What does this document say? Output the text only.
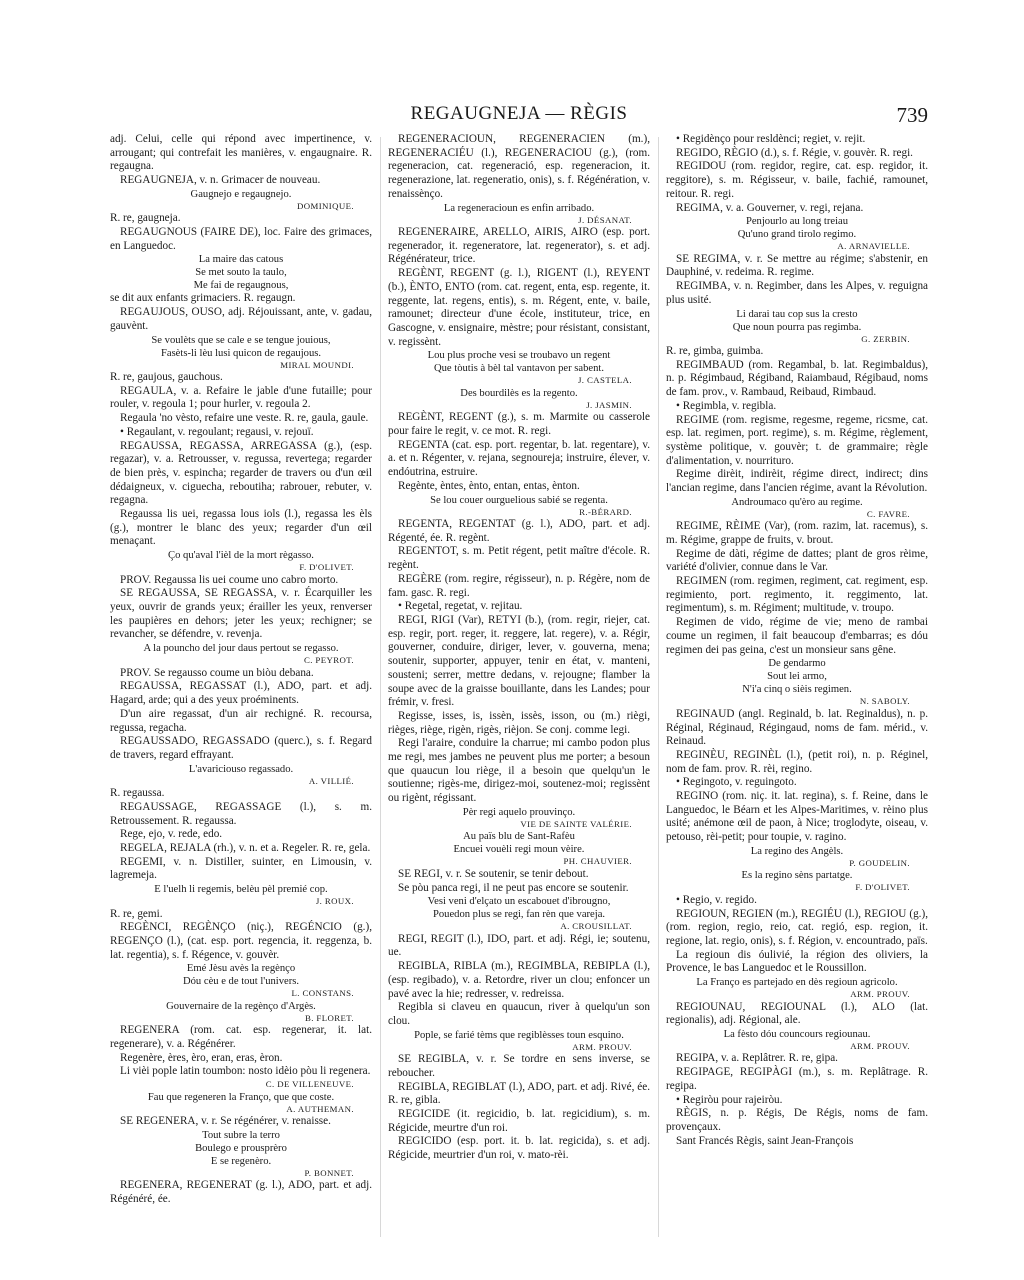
REGAUGNEJA — RÈGIS	739

adj. Celui, celle qui répond avec impertinence, v. arrougant; qui contrefait les manières, v. engaugnaire. R. regaugna.

REGAUGNEJA, v. n. Grimacer de nouveau.

Gaugnejo e regaugnejo.

DOMINIQUE.

R. re, gaugneja.

REGAUGNOUS (FAIRE DE), loc. Faire des grimaces, en Languedoc.

La maire das catous

Se met souto la taulo,

Me fai de regaugnous,

se dit aux enfants grimaciers. R. regaugn.

REGAUJOUS, OUSO, adj. Réjouissant, ante, v. gadau, gauvènt.

Se voulèts que se cale e se tengue jouious,

Fasèts-li lèu lusi quicon de regaujous.

MIRAL MOUNDI.

R. re, gaujous, gauchous.

REGAULA, v. a. Refaire le jable d'une futaille; pour rouler, v. regoula 1; pour hurler, v. regoula 2.

Regaula 'no vèsto, refaire une veste. R. re, gaula, gaule.

• Regaulant, v. regoulant; regausi, v. rejouï.

REGAUSSA, REGASSA, ARREGASSA (g.), (esp. regazar), v. a. Retrousser, v. regussa, revertega; regarder de bien près, v. espincha; regarder de travers ou d'un œil dédaigneux, v. ciguecha, reboutiha; rabrouer, rebuter, v. regagna.

Regaussa lis uei, regassa lous iols (l.), regassa les èls (g.), montrer le blanc des yeux; regarder d'un œil menaçant.

Ço qu'aval l'ièl de la mort règasso.

F. D'OLIVET.

PROV. Regaussa lis uei coume uno cabro morto.

SE REGAUSSA, SE REGASSA, v. r. Écarquiller les yeux, ouvrir de grands yeux; érailler les yeux, renverser les paupières en dehors; jeter les yeux; rechigner; se revancher, se défendre, v. revenja.

A la pouncho del jour daus pertout se regasso.

C. PEYROT.

PROV. Se regausso coume un biòu debana.

REGAUSSA, REGASSAT (l.), ADO, part. et adj. Hagard, arde; qui a des yeux proéminents.

D'un aire regassat, d'un air rechigné. R. recoursa, regussa, regacha.

REGAUSSADO, REGASSADO (querc.), s. f. Regard de travers, regard effrayant.

L'avariciouso regassado.

A. VILLIÉ.

R. regaussa.

REGAUSSAGE, REGASSAGE (l.), s. m. Retroussement. R. regaussa.

Rege, ejo, v. rede, edo.

REGELA, REJALA (rh.), v. n. et a. Regeler. R. re, gela.

REGEMI, v. n. Distiller, suinter, en Limousin, v. lagremeja.

E l'uelh li regemis, belèu pèl premié cop.

J. ROUX.

R. re, gemi.

REGÈNCI, REGÈNÇO (niç.), REGÉNCIO (g.), REGENÇO (l.), (cat. esp. port. regencia, it. reggenza, b. lat. regentia), s. f. Régence, v. gouvèr.

Emé Jèsu avès la regènço

Dóu cèu e de tout l'univers.

L. CONSTANS.

Gouvernaire de la regènço d'Argès.

B. FLORET.

REGENERA (rom. cat. esp. regenerar, it. lat. regenerare), v. a. Régénérer.

Regenère, ères, èro, eran, eras, èron.

Li vièi pople latin toumbon: nosto idèio pòu li regenera.

C. DE VILLENEUVE.

Fau que regeneren la Franço, que que coste.

A. AUTHEMAN.

SE REGENERA, v. r. Se régénérer, v. renaisse.

Tout subre la terro

Boulego e prousprèro

E se regenèro.

P. BONNET.

REGENERA, REGENERAT (g. l.), ADO, part. et adj. Régénéré, ée.

REGENERACIOUN, REGENERACIEN (m.), REGENERACIÉU (l.), REGENERACIOU (g.), (rom. regeneracion, cat. regeneració, esp. regeneracion, it. regenerazione, lat. regeneratio, onis), s. f. Régénération, v. renaissènço.

La regeneracioun es enfin arribado.

J. DÉSANAT.

REGENERAIRE, ARELLO, AIRIS, AIRO (esp. port. regenerador, it. regeneratore, lat. regenerator), s. et adj. Régénérateur, trice.

REGÈNT, REGENT (g. l.), RIGENT (l.), REYENT (b.), ÈNTO, ENTO (rom. cat. regent, enta, esp. regente, it. reggente, lat. regens, entis), s. m. Régent, ente, v. baile, ramounet; directeur d'une école, instituteur, trice, en Gascogne, v. ensignaire, mèstre; pour résistant, consistant, v. regissènt.

Lou plus proche vesi se troubavo un regent

Que tòutis à bèl tal vantavon per sabent.

J. CASTELA.

Des bourdilès es la regento.

J. JASMIN.

REGÈNT, REGENT (g.), s. m. Marmite ou casserole pour faire le regit, v. ce mot. R. regi.

REGENTA (cat. esp. port. regentar, b. lat. regentare), v. a. et n. Régenter, v. rejana, segnoureja; instruire, élever, v. endóutrina, estruire.

Regènte, èntes, ènto, entan, entas, ènton.

Se lou couer ourguelious sabié se regenta.

R.-BÉRARD.

REGENTA, REGENTAT (g. l.), ADO, part. et adj. Régenté, ée. R. regènt.

REGENTOT, s. m. Petit régent, petit maître d'école. R. regènt.

REGÈRE (rom. regire, régisseur), n. p. Régère, nom de fam. gasc. R. regi.

• Regetal, regetat, v. rejitau.

REGI, RIGI (Var), RETYI (b.), (rom. regir, riejer, cat. esp. regir, port. reger, it. reggere, lat. regere), v. a. Régir, gouverner, conduire, diriger, lever, v. gouverna, mena; soutenir, supporter, appuyer, tenir en état, v. manteni, sousteni; serrer, mettre dedans, v. rejougne; flamber la soupe avec de la graisse bouillante, dans les Landes; pour frémir, v. fresi.

Regisse, isses, is, issèn, issès, isson, ou (m.) riègi, rièges, riège, rigèn, rigès, rièjon. Se conj. comme legi.

Regi l'araire, conduire la charrue; mi cambo podon plus me regi, mes jambes ne peuvent plus me porter; a besoun que quaucun lou riège, il a besoin que quelqu'un le soutienne; rigès-me, dirigez-moi, soutenez-moi; regissènt ou rigènt, régissant.

Pèr regi aquelo prouvinço.

VIE DE SAINTE VALÉRIE.

Au païs blu de Sant-Rafèu

Encuei vouèli regi moun vèire.

PH. CHAUVIER.

SE REGI, v. r. Se soutenir, se tenir debout.

Se pòu panca regi, il ne peut pas encore se soutenir.

Vesi veni d'elçato un escabouet d'ibrougno,

Pouedon plus se regi, fan rèn que vareja.

A. CROUSILLAT.

REGI, REGIT (l.), IDO, part. et adj. Régi, ie; soutenu, ue.

REGIBLA, RIBLA (m.), REGIMBLA, REBIPLA (l.), (esp. regibado), v. a. Retordre, river un clou; enfoncer un pavé avec la hie; redresser, v. redreissa.

Regibla si claveu en quaucun, river à quelqu'un son clou.

Pople, se farié tèms que regiblèsses toun esquino.

ARM. PROUV.

SE REGIBLA, v. r. Se tordre en sens inverse, se reboucher.

REGIBLA, REGIBLAT (l.), ADO, part. et adj. Rivé, ée. R. re, gibla.

REGICIDE (it. regicidio, b. lat. regicidium), s. m. Régicide, meurtre d'un roi.

REGICIDO (esp. port. it. b. lat. regicida), s. et adj. Régicide, meurtrier d'un roi, v. mato-rèi.

• Regidènço pour resldènci; regiet, v. rejit.

REGIDO, RÈGIO (d.), s. f. Régie, v. gouvèr. R. regi.

REGIDOU (rom. regidor, regire, cat. esp. regidor, it. reggitore), s. m. Régisseur, v. baile, fachié, ramounet, reitour. R. regi.

REGIMA, v. a. Gouverner, v. regi, rejana.

Penjourlo au long treiau

Qu'uno grand tirolo regimo.

A. ARNAVIELLE.

SE REGIMA, v. r. Se mettre au régime; s'abstenir, en Dauphiné, v. redeima. R. regime.

REGIMBA, v. n. Regimber, dans les Alpes, v. reguigna plus usité.

Li darai tau cop sus la cresto

Que noun pourra pas regimba.

G. ZERBIN.

R. re, gimba, guimba.

REGIMBAUD (rom. Regambal, b. lat. Regimbaldus), n. p. Régimbaud, Régiband, Raiambaud, Régibaud, noms de fam. prov., v. Rambaud, Reibaud, Rimbaud.

• Regimbla, v. regibla.

REGIME (rom. regisme, regesme, regeme, ricsme, cat. esp. lat. regimen, port. regime), s. m. Régime, règlement, système politique, v. gouvèr; t. de grammaire; règle d'alimentation, v. nourrituro.

Regime dirèit, indirèit, régime direct, indirect; dins l'ancian regime, dans l'ancien régime, avant la Révolution.

Androumaco qu'èro au regime.

C. FAVRE.

REGIME, RÈIME (Var), (rom. razim, lat. racemus), s. m. Régime, grappe de fruits, v. brout.

Regime de dàti, régime de dattes; plant de gros rèime, variété d'olivier, connue dans le Var.

REGIMEN (rom. regimen, regiment, cat. regiment, esp. regimiento, port. regimento, it. reggimento, lat. regimentum), s. m. Régiment; multitude, v. troupo.

Regimen de vido, régime de vie; meno de rambai coume un regimen, il fait beaucoup d'embarras; es dóu regimen dei pas geina, c'est un monsieur sans gêne.

De gendarmo

Sout lei armo,

N'i'a cinq o sièis regimen.

N. SABOLY.

REGINAUD (angl. Reginald, b. lat. Reginaldus), n. p. Réginal, Réginaud, Régingaud, noms de fam. mérid., v. Reinaud.

REGINÈU, REGINÈL (l.), (petit roi), n. p. Réginel, nom de fam. prov. R. rèi, regino.

• Regingoto, v. reguingoto.

REGINO (rom. niç. it. lat. regina), s. f. Reine, dans le Languedoc, le Béarn et les Alpes-Maritimes, v. rèino plus usité; anémone œil de paon, à Nice; troglodyte, oiseau, v. petouso, rèi-petit; pour toupie, v. ragino.

La regino des Angèls.

P. GOUDELIN.

Es la regino sèns partatge.

F. D'OLIVET.

• Regio, v. regido.

REGIOUN, REGIEN (m.), REGIÉU (l.), REGIOU (g.), (rom. region, regio, reio, cat. regió, esp. region, it. regione, lat. regio, onis), s. f. Région, v. encountrado, païs.

La regioun dis óulivié, la région des oliviers, la Provence, le bas Languedoc et le Roussillon.

La Franço es partejado en dès regioun agricolo.

ARM. PROUV.

REGIOUNAU, REGIOUNAL (l.), ALO (lat. regionalis), adj. Régional, ale.

La fèsto dóu councours regiounau.

ARM. PROUV.

REGIPA, v. a. Replâtrer. R. re, gipa.

REGIPAGE, REGIPÀGI (m.), s. m. Replâtrage. R. regipa.

• Regiròu pour rajeiròu.

RÈGIS, n. p. Régis, De Régis, noms de fam. provençaux.

Sant Francés Règis, saint Jean-François
